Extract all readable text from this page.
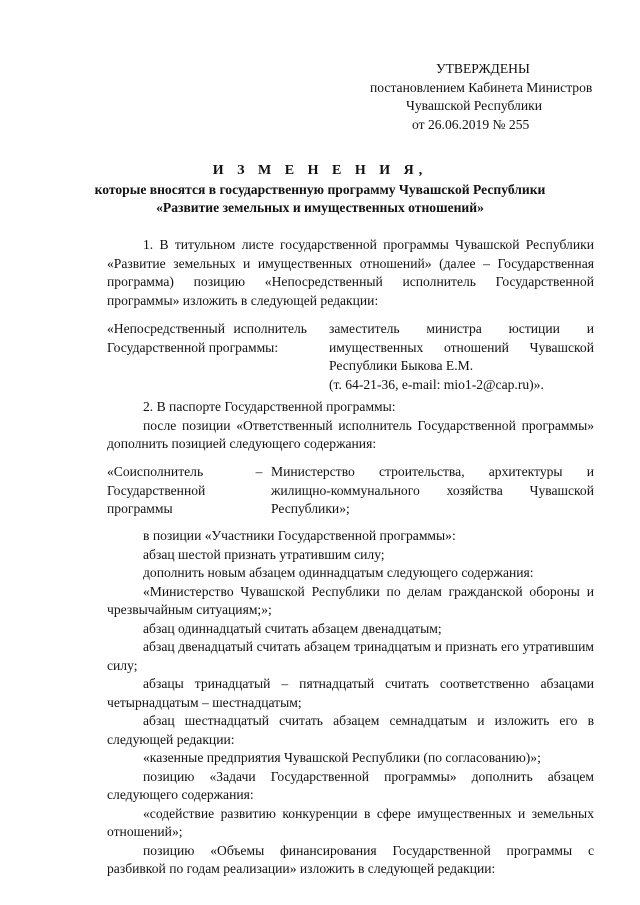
УТВЕРЖДЕНЫ
постановлением Кабинета Министров
Чувашской Республики
от 26.06.2019 № 255
И З М Е Н Е Н И Я,
которые вносятся в государственную программу Чувашской Республики
«Развитие земельных и имущественных отношений»
1. В титульном листе государственной программы Чувашской Республики «Развитие земельных и имущественных отношений» (далее – Государственная программа) позицию «Непосредственный исполнитель Государственной программы» изложить в следующей редакции:
«Непосредственный исполнитель Государственной программы:
заместитель министра юстиции и имущественных отношений Чувашской Республики Быкова Е.М.
(т. 64-21-36, e-mail: mio1-2@cap.ru)».
2. В паспорте Государственной программы:
после позиции «Ответственный исполнитель Государственной программы» дополнить позицией следующего содержания:
«Соисполнитель Государственной программы
– Министерство строительства, архитектуры и жилищно-коммунального хозяйства Чувашской Республики»;
в позиции «Участники Государственной программы»:
абзац шестой признать утратившим силу;
дополнить новым абзацем одиннадцатым следующего содержания:
«Министерство Чувашской Республики по делам гражданской обороны и чрезвычайным ситуациям;»;
абзац одиннадцатый считать абзацем двенадцатым;
абзац двенадцатый считать абзацем тринадцатым и признать его утратившим силу;
абзацы тринадцатый – пятнадцатый считать соответственно абзацами четырнадцатым – шестнадцатым;
абзац шестнадцатый считать абзацем семнадцатым и изложить его в следующей редакции:
«казенные предприятия Чувашской Республики (по согласованию)»;
позицию «Задачи Государственной программы» дополнить абзацем следующего содержания:
«содействие развитию конкуренции в сфере имущественных и земельных отношений»;
позицию «Объемы финансирования Государственной программы с разбивкой по годам реализации» изложить в следующей редакции:
